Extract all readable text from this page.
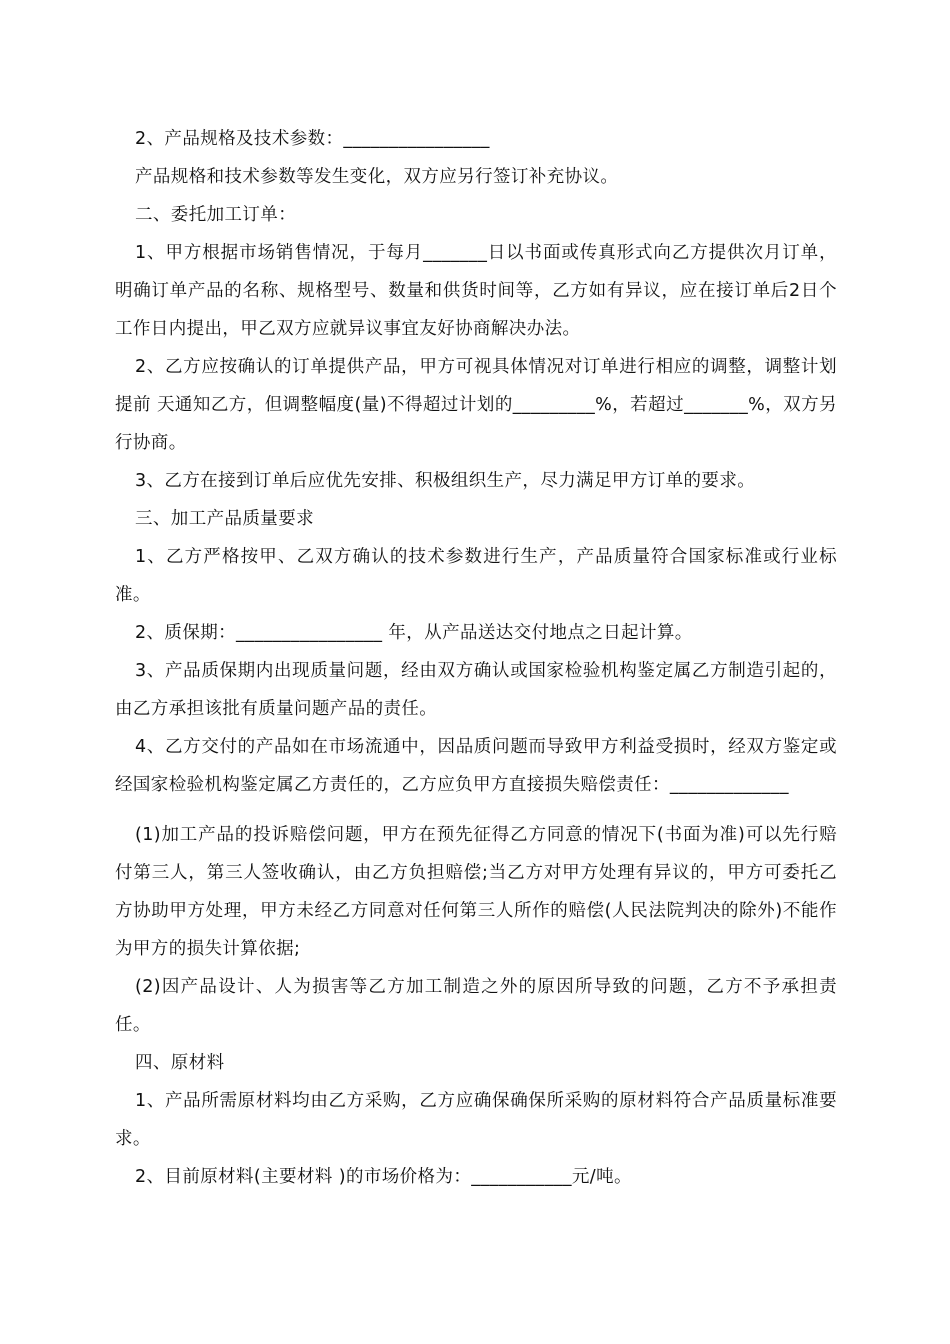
2、产品规格及技术参数：________________

产品规格和技术参数等发生变化，双方应另行签订补充协议。

二、委托加工订单：

1、甲方根据市场销售情况，于每月_______日以书面或传真形式向乙方提供次月订单，明确订单产品的名称、规格型号、数量和供货时间等，乙方如有异议，应在接订单后2日个工作日内提出，甲乙双方应就异议事宜友好协商解决办法。

2、乙方应按确认的订单提供产品，甲方可视具体情况对订单进行相应的调整，调整计划提前 天通知乙方，但调整幅度(量)不得超过计划的_________%，若超过_______%，双方另行协商。

3、乙方在接到订单后应优先安排、积极组织生产，尽力满足甲方订单的要求。

三、加工产品质量要求

1、乙方严格按甲、乙双方确认的技术参数进行生产，产品质量符合国家标准或行业标准。

2、质保期：________________ 年，从产品送达交付地点之日起计算。

3、产品质保期内出现质量问题，经由双方确认或国家检验机构鉴定属乙方制造引起的，由乙方承担该批有质量问题产品的责任。

4、乙方交付的产品如在市场流通中，因品质问题而导致甲方利益受损时，经双方鉴定或经国家检验机构鉴定属乙方责任的，乙方应负甲方直接损失赔偿责任：_____________

(1)加工产品的投诉赔偿问题，甲方在预先征得乙方同意的情况下(书面为准)可以先行赔付第三人，第三人签收确认，由乙方负担赔偿;当乙方对甲方处理有异议的，甲方可委托乙方协助甲方处理，甲方未经乙方同意对任何第三人所作的赔偿(人民法院判决的除外)不能作为甲方的损失计算依据;

(2)因产品设计、人为损害等乙方加工制造之外的原因所导致的问题，乙方不予承担责任。

四、原材料

1、产品所需原材料均由乙方采购，乙方应确保确保所采购的原材料符合产品质量标准要求。

2、目前原材料(主要材料 )的市场价格为：___________元/吨。
